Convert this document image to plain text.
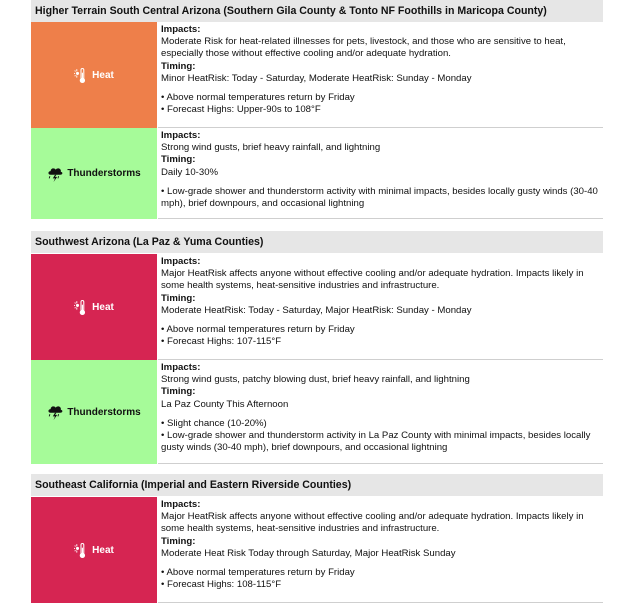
Higher Terrain South Central Arizona (Southern Gila County & Tonto NF Foothills in Maricopa County)
Heat
Impacts:
Moderate Risk for heat-related illnesses for pets, livestock, and those who are sensitive to heat, especially those without effective cooling and/or adequate hydration.
Timing:
Minor HeatRisk: Today - Saturday, Moderate HeatRisk: Sunday - Monday
• Above normal temperatures return by Friday
• Forecast Highs: Upper-90s to 108°F
Thunderstorms
Impacts:
Strong wind gusts, brief heavy rainfall, and lightning
Timing:
Daily 10-30%
• Low-grade shower and thunderstorm activity with minimal impacts, besides locally gusty winds (30-40 mph), brief downpours, and occasional lightning
Southwest Arizona (La Paz & Yuma Counties)
Heat
Impacts:
Major HeatRisk affects anyone without effective cooling and/or adequate hydration. Impacts likely in some health systems, heat-sensitive industries and infrastructure.
Timing:
Moderate HeatRisk: Today - Saturday, Major HeatRisk: Sunday - Monday
• Above normal temperatures return by Friday
• Forecast Highs: 107-115°F
Thunderstorms
Impacts:
Strong wind gusts, patchy blowing dust, brief heavy rainfall, and lightning
Timing:
La Paz County This Afternoon
• Slight chance (10-20%)
• Low-grade shower and thunderstorm activity in La Paz County with minimal impacts, besides locally gusty winds (30-40 mph), brief downpours, and occasional lightning
Southeast California (Imperial and Eastern Riverside Counties)
Heat
Impacts:
Major HeatRisk affects anyone without effective cooling and/or adequate hydration. Impacts likely in some health systems, heat-sensitive industries and infrastructure.
Timing:
Moderate Heat Risk Today through Saturday, Major HeatRisk Sunday
• Above normal temperatures return by Friday
• Forecast Highs: 108-115°F
